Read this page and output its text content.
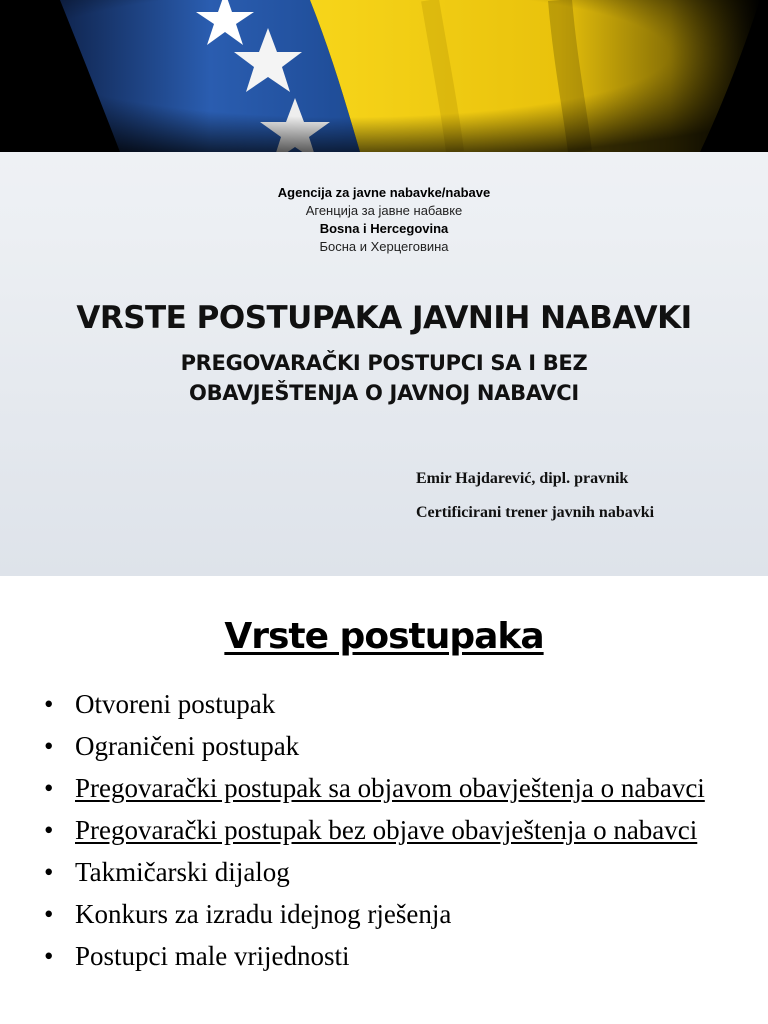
Agencija za javne nabavke/nabave
Агенција за јавне набавке
Bosna i Hercegovina
Босна и Херцеговина
VRSTE POSTUPAKA JAVNIH NABAVKI
PREGOVARAČKI POSTUPCI SA I BEZ
OBAVJEŠTENJA O JAVNOJ NABAVCI
Emir Hajdarević, dipl. pravnik
Certificirani trener javnih nabavki
Vrste postupaka
• Otvoreni postupak
• Ograničeni postupak
• Pregovarački postupak sa objavom obavještenja o nabavci
• Pregovarački postupak bez objave obavještenja o nabavci
• Takmičarski dijalog
• Konkurs za izradu idejnog rješenja
• Postupci male vrijednosti
